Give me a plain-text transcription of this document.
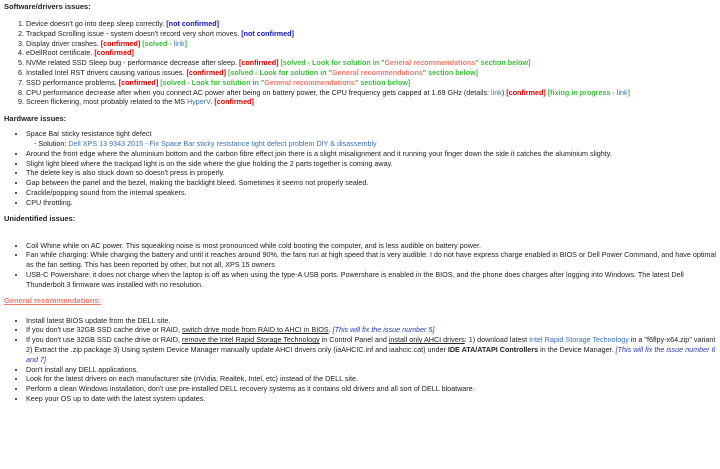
Software/drivers issues:
1. Device doesn't go into deep sleep correctly. [not confirmed]
2. Trackpad Scrolling issue - system doesn't record very short moves. [not confirmed]
3. Display driver crashes. [confirmed] [solved - link]
4. eDellRoot certificate. [confirmed]
5. NVMe related SSD Sleep bug - performance decrease after sleep. [confirmed] [solved - Look for solution in "General recommendations" section below]
6. Installed Intel RST drivers causing various issues. [confirmed] [solved - Look for solution in "General recommendations" section below]
7. SSD performance problems. [confirmed] [solved - Look for solution in "General recommendations" section below]
8. CPU performance decrease after when you connect AC power after being on battery power, the CPU frequency gets capped at 1.69 GHz (details: link) [confirmed] [fixing in progress - link]
9. Screen flickering, most probably related to the MS HyperV. [confirmed]
Hardware issues:
• Space Bar sticky resistance tight defect
- Solution: Dell XPS 13 9343 2015 - Fix Space Bar sticky resistance tight defect problem DIY & disassembly
• Around the front edge where the aluminium bottom and the carbon fibre effect join there is a slight misalignment and it running your finger down the side it catches the aluminium slighty.
• Slight light bleed where the trackpad light is on the side where the glue holding the 2 parts together is coming away.
• The delete key is also stuck down so doesn't press in properly.
• Gap between the panel and the bezel, making the backlight bleed. Sometimes it seems not properly sealed.
• Crackle/popping sound from the internal speakers.
• CPU throttling.
Unidentified issues:
• Coil Whine while on AC power. This squeaking noise is most pronounced while cold booting the computer, and is less audible on battery power.
• Fan while charging: While charging the battery and until it reaches around 90%, the fans run at high speed that is very audible. I do not have express charge enabled in BIOS or Dell Power Command, and have optimal as the fan setting. This has been reported by other, but not all, XPS 15 owners
• USB-C Powershare: it does not charge when the laptop is off as when using the type-A USB ports. Powershare is enabled in the BIOS, and the phone does charges after logging into Windows. The latest Dell Thunderbolt 3 firmware was installed with no resolution.
General recommendations:
• Install latest BIOS update from the DELL site.
• If you don't use 32GB SSD cache drive or RAID, switch drive mode from RAID to AHCI in BIOS. [This will fix the issue number 5]
• If you don't use 32GB SSD cache drive or RAID, remove the Intel Rapid Storage Technology in Control Panel and install only AHCI drivers: 1) download latest Intel Rapid Storage Technology in a "f6flpy-x64.zip" variant 2) Extract the .zip package 3) Using system Device Manager manually update AHCI drivers only (iaAHCIC.inf and iaahcic.cat) under IDE ATA/ATAPI Controllers in the Device Manager. [This will fix the issue number 6 and 7]
• Don't install any DELL applications.
• Look for the latest drivers on each manufacturer site (nVidia, Realtek, Intel, etc) instead of the DELL site.
• Perform a clean Windows installation, don't use pre-installed DELL recovery systems as it contains old drivers and all sort of DELL bloatware.
• Keep your OS up to date with the latest system updates.
